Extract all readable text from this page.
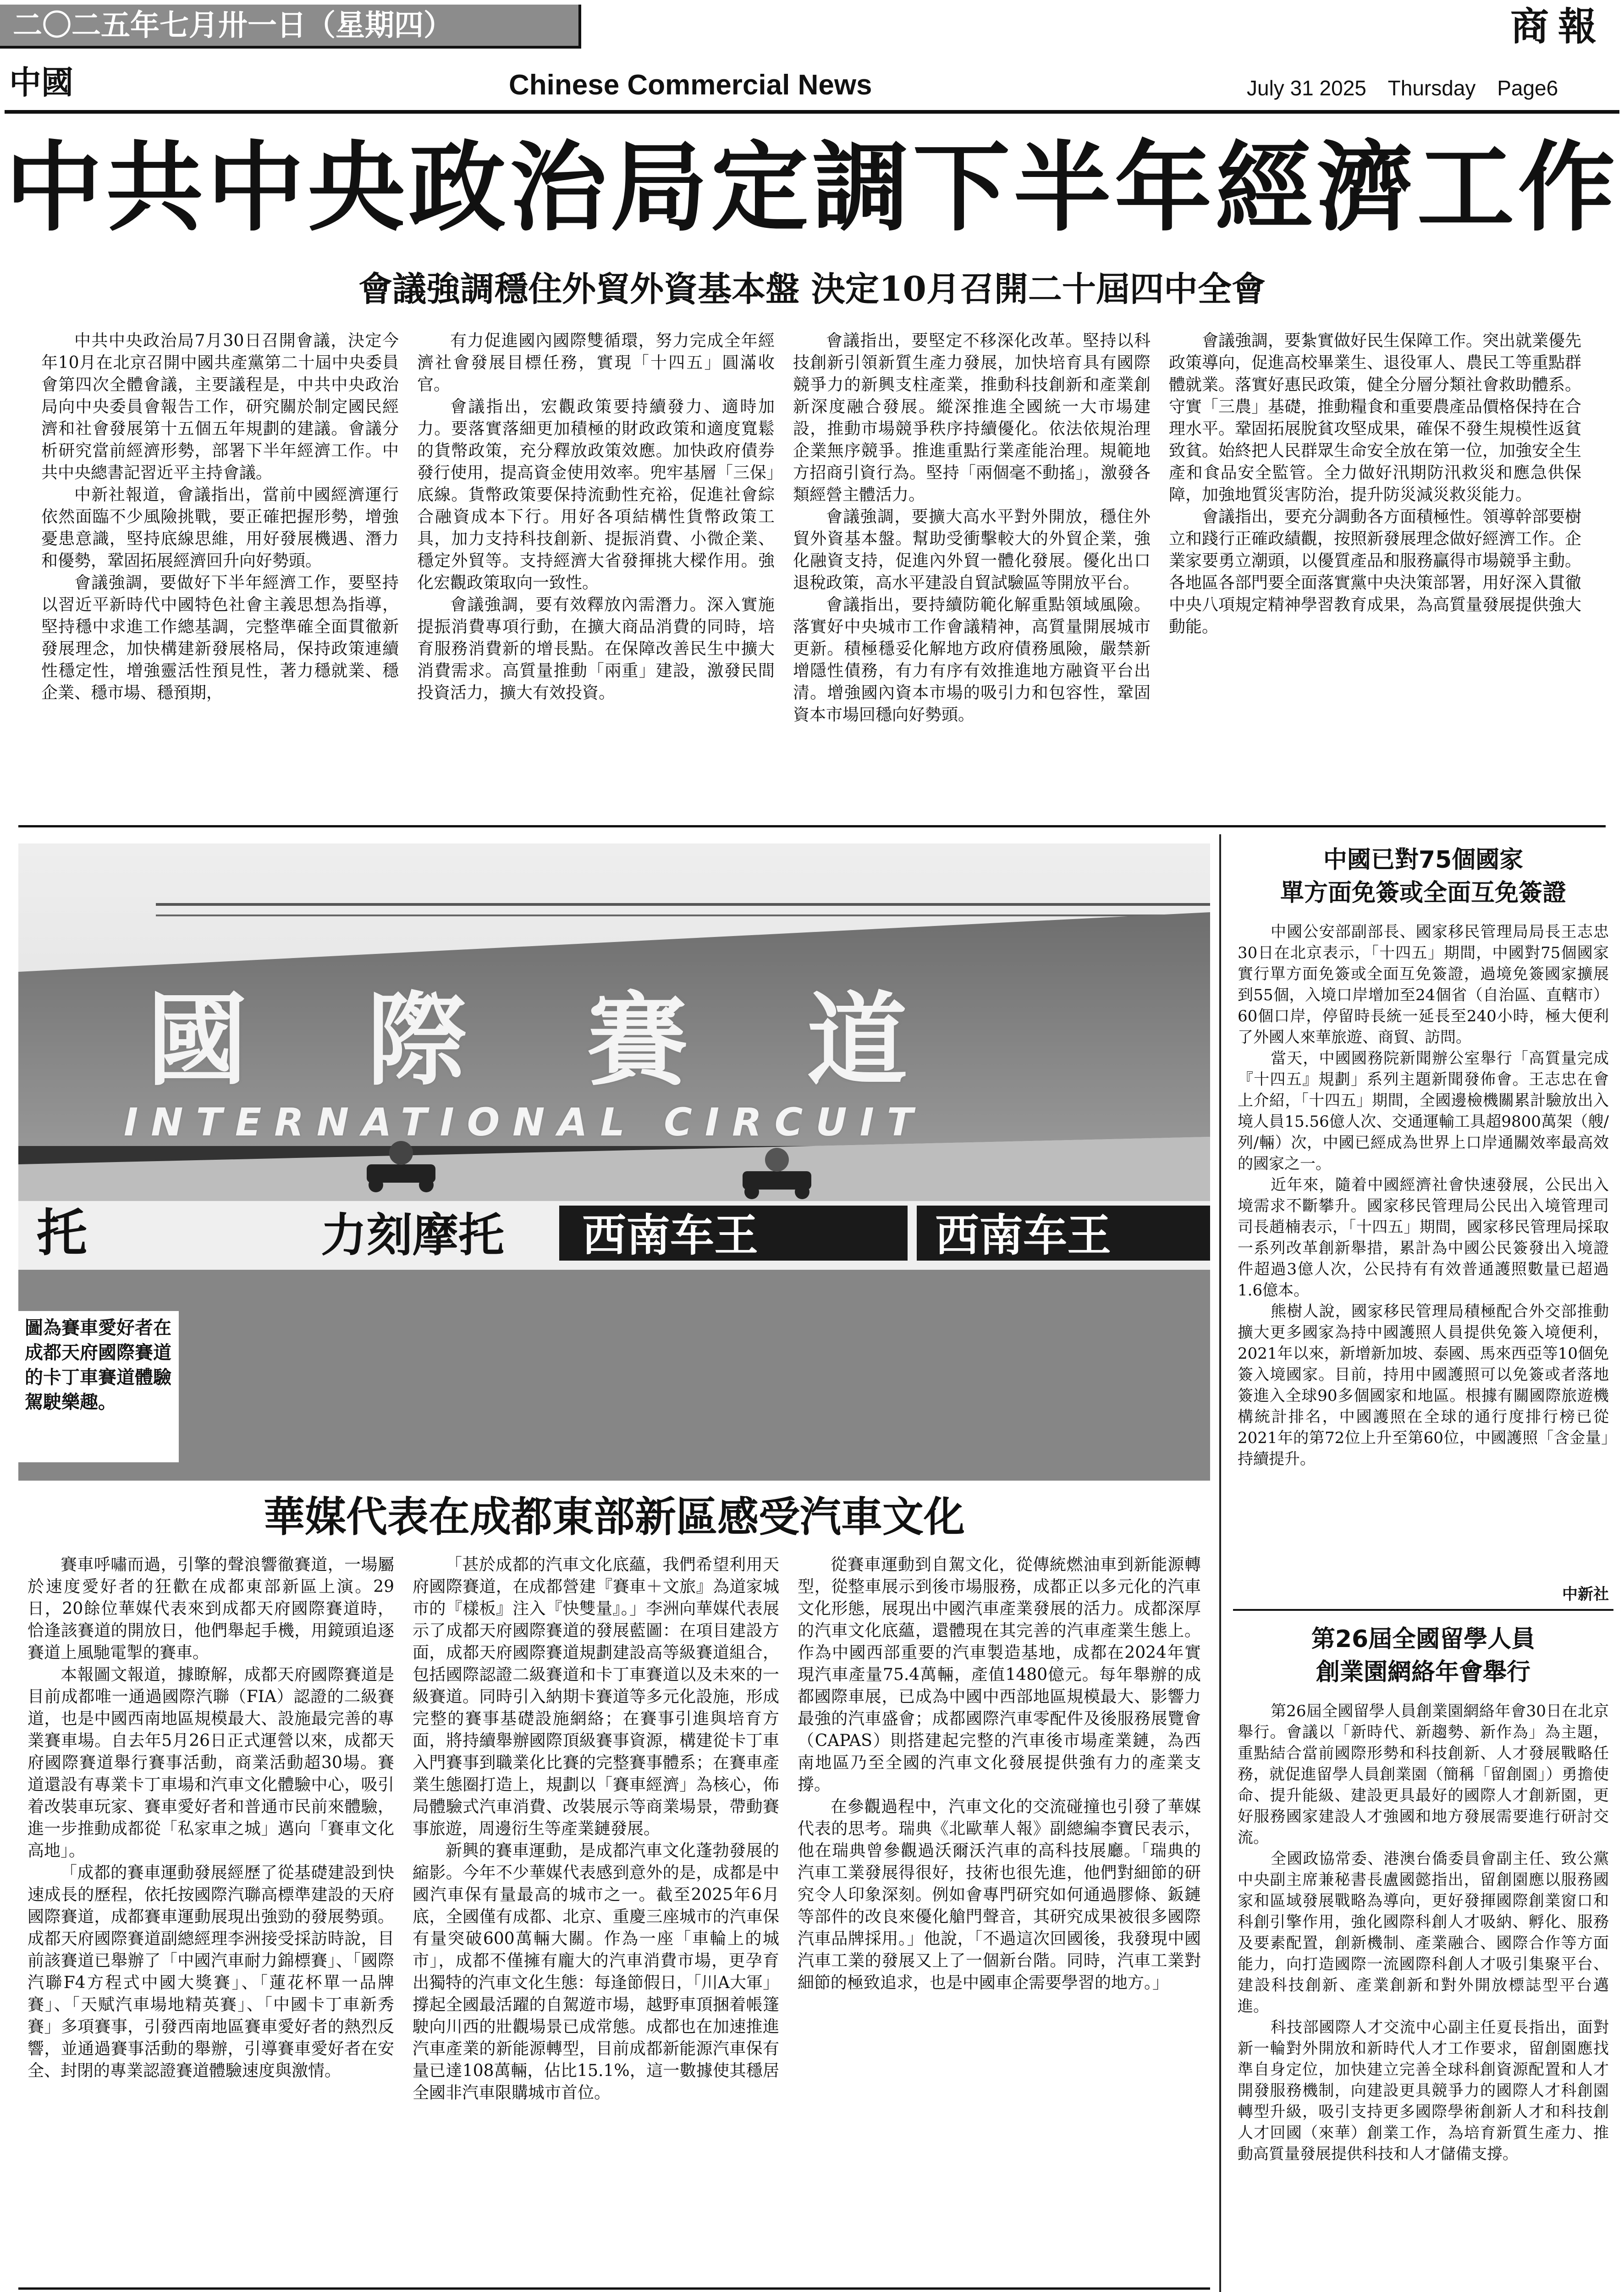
二〇二五年七月卅一日（星期四）	商報
中國	Chinese Commercial News	July 31 2025 Thursday Page6
中共中央政治局定調下半年經濟工作
會議強調穩住外貿外資基本盤 決定10月召開二十屆四中全會

中共中央政治局7月30日召開會議，決定今年10月在北京召開中國共產黨第二十屆中央委員會第四次全體會議，主要議程是，中共中央政治局向中央委員會報告工作，研究關於制定國民經濟和社會發展第十五個五年規劃的建議。會議分析研究當前經濟形勢，部署下半年經濟工作。中共中央總書記習近平主持會議。

中新社報道，會議指出，當前中國經濟運行依然面臨不少風險挑戰，要正確把握形勢，增強憂患意識，堅持底線思維，用好發展機遇、潛力和優勢，鞏固拓展經濟回升向好勢頭。

會議強調，要做好下半年經濟工作，要堅持以習近平新時代中國特色社會主義思想為指導，堅持穩中求進工作總基調，完整準確全面貫徹新發展理念，加快構建新發展格局，保持政策連續性穩定性，增強靈活性預見性，著力穩就業、穩企業、穩市場、穩預期，

有力促進國內國際雙循環，努力完成全年經濟社會發展目標任務，實現「十四五」圓滿收官。

會議指出，宏觀政策要持續發力、適時加力。要落實落細更加積極的財政政策和適度寬鬆的貨幣政策，充分釋放政策效應。加快政府債券發行使用，提高資金使用效率。兜牢基層「三保」底線。貨幣政策要保持流動性充裕，促進社會綜合融資成本下行。用好各項結構性貨幣政策工具，加力支持科技創新、提振消費、小微企業、穩定外貿等。支持經濟大省發揮挑大樑作用。強化宏觀政策取向一致性。

會議強調，要有效釋放內需潛力。深入實施提振消費專項行動，在擴大商品消費的同時，培育服務消費新的增長點。在保障改善民生中擴大消費需求。高質量推動「兩重」建設，激發民間投資活力，擴大有效投資。

會議指出，要堅定不移深化改革。堅持以科技創新引領新質生產力發展，加快培育具有國際競爭力的新興支柱產業，推動科技創新和產業創新深度融合發展。縱深推進全國統一大市場建設，推動市場競爭秩序持續優化。依法依規治理企業無序競爭。推進重點行業產能治理。規範地方招商引資行為。堅持「兩個毫不動搖」，激發各類經營主體活力。

會議強調，要擴大高水平對外開放，穩住外貿外資基本盤。幫助受衝擊較大的外貿企業，強化融資支持，促進內外貿一體化發展。優化出口退稅政策，高水平建設自貿試驗區等開放平台。

會議指出，要持續防範化解重點領域風險。落實好中央城市工作會議精神，高質量開展城市更新。積極穩妥化解地方政府債務風險，嚴禁新增隱性債務，有力有序有效推進地方融資平台出清。增強國內資本市場的吸引力和包容性，鞏固資本市場回穩向好勢頭。

會議強調，要紮實做好民生保障工作。突出就業優先政策導向，促進高校畢業生、退役軍人、農民工等重點群體就業。落實好惠民政策，健全分層分類社會救助體系。守實「三農」基礎，推動糧食和重要農產品價格保持在合理水平。鞏固拓展脫貧攻堅成果，確保不發生規模性返貧致貧。始終把人民群眾生命安全放在第一位，加強安全生產和食品安全監管。全力做好汛期防汛救災和應急供保障，加強地質災害防治，提升防災減災救災能力。

會議指出，要充分調動各方面積極性。領導幹部要樹立和踐行正確政績觀，按照新發展理念做好經濟工作。企業家要勇立潮頭，以優質產品和服務贏得市場競爭主動。各地區各部門要全面落實黨中央決策部署，用好深入貫徹中央八項規定精神學習教育成果，為高質量發展提供強大動能。

國際賽道
INTERNATIONAL CIRCUIT
托	力刻摩托 西南车王	西南车王
圖為賽車愛好者在成都天府國際賽道的卡丁車賽道體驗駕駛樂趣。
華媒代表在成都東部新區感受汽車文化

賽車呼嘯而過，引擎的聲浪響徹賽道，一場屬於速度愛好者的狂歡在成都東部新區上演。29日，20餘位華媒代表來到成都天府國際賽道時，恰逢該賽道的開放日，他們舉起手機，用鏡頭追逐賽道上風馳電掣的賽車。

本報圖文報道，據瞭解，成都天府國際賽道是目前成都唯一通過國際汽聯（FIA）認證的二級賽道，也是中國西南地區規模最大、設施最完善的專業賽車場。自去年5月26日正式運營以來，成都天府國際賽道舉行賽事活動，商業活動超30場。賽道還設有專業卡丁車場和汽車文化體驗中心，吸引着改裝車玩家、賽車愛好者和普通市民前來體驗，進一步推動成都從「私家車之城」邁向「賽車文化高地」。

「成都的賽車運動發展經歷了從基礎建設到快速成長的歷程，依托按國際汽聯高標準建設的天府國際賽道，成都賽車運動展現出強勁的發展勢頭。成都天府國際賽道副總經理李洲接受採訪時說，目前該賽道已舉辦了「中國汽車耐力錦標賽」、「國際汽聯F4方程式中國大獎賽」、「蓮花杯單一品牌賽」、「天赋汽車場地精英賽」、「中國卡丁車新秀賽」多項賽事，引發西南地區賽車愛好者的熱烈反響，並通過賽事活動的舉辦，引導賽車愛好者在安全、封閉的專業認證賽道體驗速度與激情。

「甚於成都的汽車文化底蘊，我們希望利用天府國際賽道，在成都營建『賽車＋文旅』為道家城市的『樣板』注入『快雙量』。」李洲向華媒代表展示了成都天府國際賽道的發展藍圖：在項目建設方面，成都天府國際賽道規劃建設高等級賽道組合，包括國際認證二級賽道和卡丁車賽道以及未來的一級賽道。同時引入納期卡賽道等多元化設施，形成完整的賽事基礎設施網絡；在賽事引進與培育方面，將持續舉辦國際頂級賽事資源，構建從卡丁車入門賽事到職業化比賽的完整賽事體系；在賽車產業生態圈打造上，規劃以「賽車經濟」為核心，佈局體驗式汽車消費、改裝展示等商業場景，帶動賽事旅遊，周邊衍生等產業鏈發展。

新興的賽車運動，是成都汽車文化蓬勃發展的縮影。今年不少華媒代表感到意外的是，成都是中國汽車保有量最高的城市之一。截至2025年6月底，全國僅有成都、北京、重慶三座城市的汽車保有量突破600萬輛大關。作為一座「車輪上的城市」，成都不僅擁有龐大的汽車消費市場，更孕育出獨特的汽車文化生態：每逢節假日，「川A大軍」撐起全國最活躍的自駕遊市場，越野車頂捆着帳篷駛向川西的壯觀場景已成常態。成都也在加速推進汽車產業的新能源轉型，目前成都新能源汽車保有量已達108萬輛，佔比15.1%，這一數據使其穩居全國非汽車限購城市首位。

從賽車運動到自駕文化，從傳統燃油車到新能源轉型，從整車展示到後市場服務，成都正以多元化的汽車文化形態，展現出中國汽車產業發展的活力。成都深厚的汽車文化底蘊，還體現在其完善的汽車產業生態上。作為中國西部重要的汽車製造基地，成都在2024年實現汽車產量75.4萬輛，產值1480億元。每年舉辦的成都國際車展，已成為中國中西部地區規模最大、影響力最強的汽車盛會；成都國際汽車零配件及後服務展覽會（CAPAS）則搭建起完整的汽車後市場產業鏈，為西南地區乃至全國的汽車文化發展提供強有力的產業支撐。

在參觀過程中，汽車文化的交流碰撞也引發了華媒代表的思考。瑞典《北歐華人報》副總編李寶民表示，他在瑞典曾參觀過沃爾沃汽車的高科技展廳。「瑞典的汽車工業發展得很好，技術也很先進，他們對細節的研究令人印象深刻。例如會專門研究如何通過膠條、鈑鏈等部件的改良來優化艙門聲音，其研究成果被很多國際汽車品牌採用。」他說，「不過這次回國後，我發現中國汽車工業的發展又上了一個新台階。同時，汽車工業對細節的極致追求，也是中國車企需要學習的地方。」

中國已對75個國家
單方面免簽或全面互免簽證

中國公安部副部長、國家移民管理局局長王志忠30日在北京表示，「十四五」期間，中國對75個國家實行單方面免簽或全面互免簽證，過境免簽國家擴展到55個，入境口岸增加至24個省（自治區、直轄市）60個口岸，停留時長統一延長至240小時，極大便利了外國人來華旅遊、商貿、訪問。

當天，中國國務院新聞辦公室舉行「高質量完成『十四五』規劃」系列主題新聞發佈會。王志忠在會上介紹，「十四五」期間，全國邊檢機關累計驗放出入境人員15.56億人次、交通運輸工具超9800萬架（艘/列/輛）次，中國已經成為世界上口岸通關效率最高效的國家之一。

近年來，隨着中國經濟社會快速發展，公民出入境需求不斷攀升。國家移民管理局公民出入境管理司司長趙楠表示，「十四五」期間，國家移民管理局採取一系列改革創新舉措，累計為中國公民簽發出入境證件超過3億人次，公民持有有效普通護照數量已超過1.6億本。

熊樹人說，國家移民管理局積極配合外交部推動擴大更多國家為持中國護照人員提供免簽入境便利，2021年以來，新增新加坡、泰國、馬來西亞等10個免簽入境國家。目前，持用中國護照可以免簽或者落地簽進入全球90多個國家和地區。根據有關國際旅遊機構統計排名，中國護照在全球的通行度排行榜已從2021年的第72位上升至第60位，中國護照「含金量」持續提升。

中新社
第26屆全國留學人員
創業園網絡年會舉行

第26屆全國留學人員創業園網絡年會30日在北京舉行。會議以「新時代、新趨勢、新作為」為主題，重點結合當前國際形勢和科技創新、人才發展戰略任務，就促進留學人員創業園（簡稱「留創園」）勇擔使命、提升能級、建設更具最好的國際人才創新園，更好服務國家建設人才強國和地方發展需要進行研討交流。

全國政協常委、港澳台僑委員會副主任、致公黨中央副主席兼秘書長盧國懿指出，留創園應以服務國家和區域發展戰略為導向，更好發揮國際創業窗口和科創引擎作用，強化國際科創人才吸納、孵化、服務及要素配置，創新機制、產業融合、國際合作等方面能力，向打造國際一流國際科創人才吸引集聚平台、建設科技創新、產業創新和對外開放標誌型平台邁進。

科技部國際人才交流中心副主任夏長指出，面對新一輪對外開放和新時代人才工作要求，留創園應找準自身定位，加快建立完善全球科創資源配置和人才開發服務機制，向建設更具競爭力的國際人才科創園轉型升級，吸引支持更多國際學術創新人才和科技創人才回國（來華）創業工作，為培育新質生產力、推動高質量發展提供科技和人才儲備支撐。
